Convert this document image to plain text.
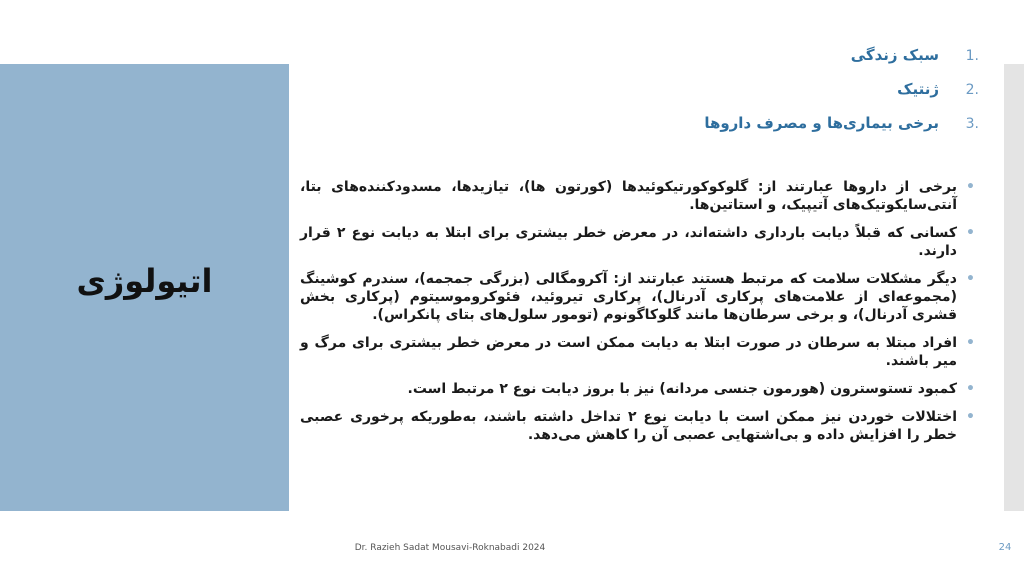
اتیولوژی
1.
سبک زندگی
2.
ژنتیک
3.
برخی بیماری‌ها و مصرف داروها
•
برخی از داروها عبارتند از: گلوکوکورتیکوئیدها (کورتون ها)، تیازیدها، مسدودکننده‌های بتا، آنتی‌سایکوتیک‌های آتیپیک، و استاتین‌ها.
•
کسانی که قبلاً دیابت بارداری داشته‌اند، در معرض خطر بیشتری برای ابتلا به دیابت نوع ۲ قرار دارند.
•
دیگر مشکلات سلامت که مرتبط هستند عبارتند از: آکرومگالی (بزرگی جمجمه)، سندرم کوشینگ (مجموعه‌ای از علامت‌های پرکاری آدرنال)، پرکاری تیروئید، فئوکروموسیتوم (پرکاری بخش قشری آدرنال)، و برخی سرطان‌ها مانند گلوکاگونوم (تومور سلول‌های بتای پانکراس).
•
افراد مبتلا به سرطان در صورت ابتلا به دیابت ممکن است در معرض خطر بیشتری برای مرگ و میر باشند.
•
کمبود تستوسترون (هورمون جنسی مردانه) نیز با بروز دیابت نوع ۲ مرتبط است.
•
اختلالات خوردن نیز ممکن است با دیابت نوع ۲ تداخل داشته باشند، به‌طوریکه پرخوری عصبی خطر را افزایش داده و بی‌اشتهایی عصبی آن را کاهش می‌دهد.
Dr. Razieh Sadat Mousavi-Roknabadi 2024	24
